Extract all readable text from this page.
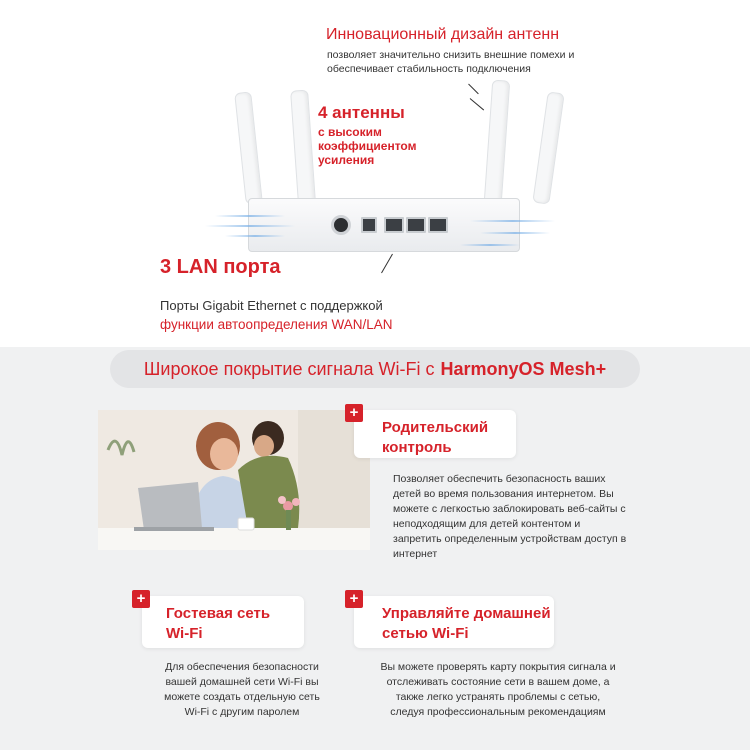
Инновационный дизайн антенн
позволяет значительно снизить внешние помехи и обеспечивает стабильность подключения
4 антенны
с высоким коэффициентом усиления
3 LAN порта
Порты Gigabit Ethernet с поддержкой
функции автоопределения WAN/LAN
Широкое покрытие сигнала Wi-Fi с HarmonyOS Mesh+
+
Родительский
контроль
Позволяет обеспечить безопасность ваших детей во время пользования интернетом. Вы можете с легкостью заблокировать веб-сайты с неподходящим для детей контентом и запретить определенным устройствам доступ в интернет
+
Гостевая сеть
Wi-Fi
Для обеспечения безопасности вашей домашней сети Wi-Fi вы можете создать отдельную сеть Wi-Fi с другим паролем
+
Управляйте домашней
сетью Wi-Fi
Вы можете проверять карту покрытия сигнала и отслеживать состояние сети в вашем доме, а также легко устранять проблемы с сетью, следуя профессиональным рекомендациям
